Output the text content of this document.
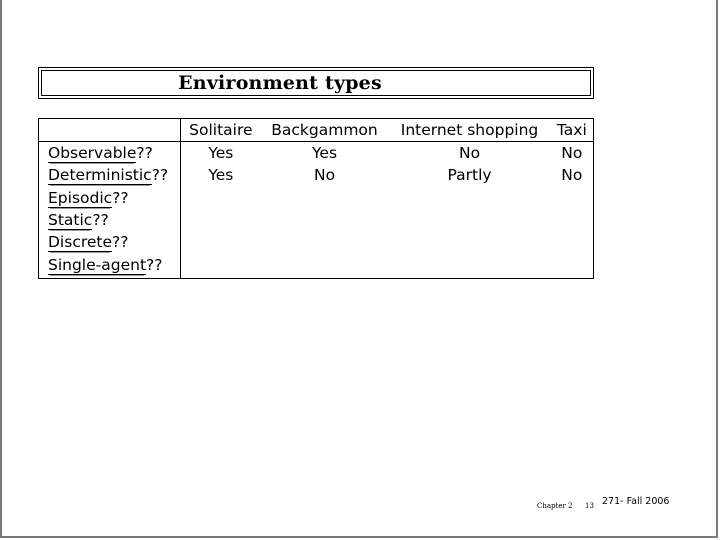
Environment types
	Solitaire	Backgammon	Internet shopping	Taxi
Observable??	Yes	Yes	No	No
Deterministic??	Yes	No	Partly	No
Episodic??				
Static??				
Discrete??				
Single-agent??				
Chapter 2 13 271- Fall 2006
